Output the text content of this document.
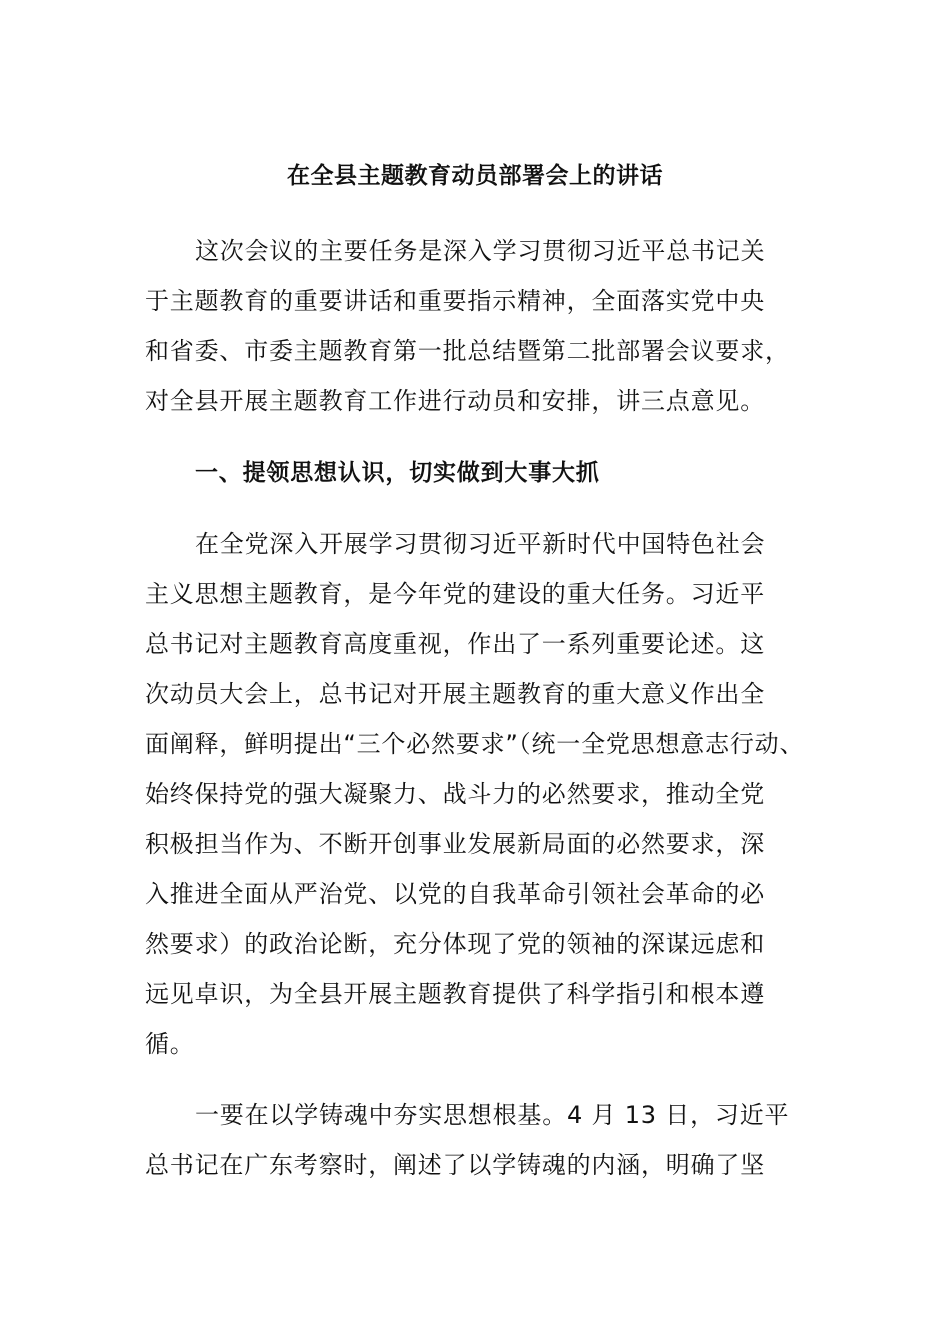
在全县主题教育动员部署会上的讲话
这次会议的主要任务是深入学习贯彻习近平总书记关
于主题教育的重要讲话和重要指示精神，全面落实党中央
和省委、市委主题教育第一批总结暨第二批部署会议要求，
对全县开展主题教育工作进行动员和安排，讲三点意见。
一、提领思想认识，切实做到大事大抓
在全党深入开展学习贯彻习近平新时代中国特色社会
主义思想主题教育，是今年党的建设的重大任务。习近平
总书记对主题教育高度重视，作出了一系列重要论述。这
次动员大会上，总书记对开展主题教育的重大意义作出全
面阐释，鲜明提出“三个必然要求”（统一全党思想意志行动、
始终保持党的强大凝聚力、战斗力的必然要求，推动全党
积极担当作为、不断开创事业发展新局面的必然要求，深
入推进全面从严治党、以党的自我革命引领社会革命的必
然要求）的政治论断，充分体现了党的领袖的深谋远虑和
远见卓识，为全县开展主题教育提供了科学指引和根本遵
循。
一要在以学铸魂中夯实思想根基。4 月 13 日，习近平
总书记在广东考察时，阐述了以学铸魂的内涵，明确了坚
